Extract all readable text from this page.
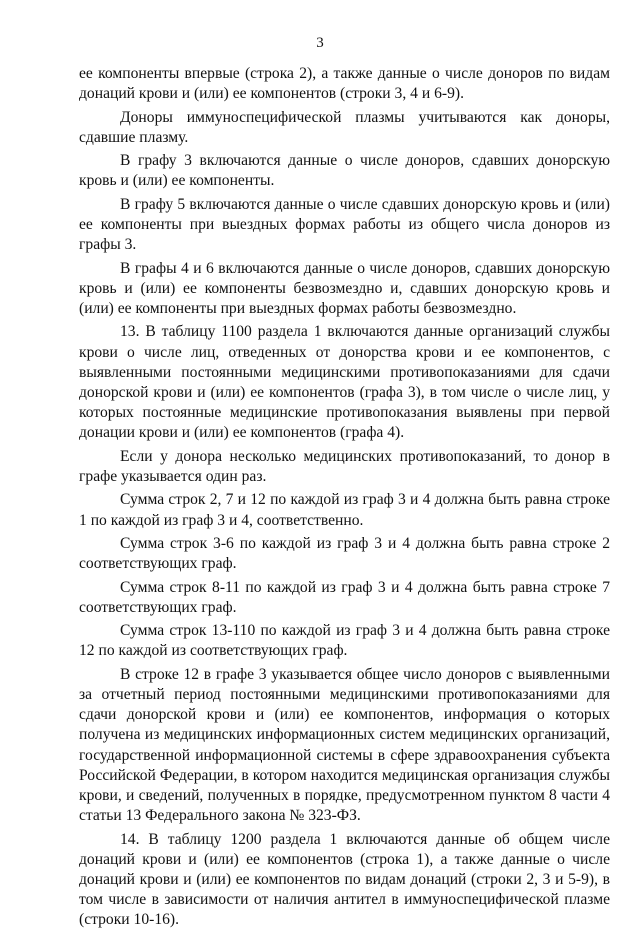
3

ее компоненты впервые (строка 2), а также данные о числе доноров по видам донаций крови и (или) ее компонентов (строки 3, 4 и 6-9).

Доноры иммуноспецифической плазмы учитываются как доноры, сдавшие плазму.

В графу 3 включаются данные о числе доноров, сдавших донорскую кровь и (или) ее компоненты.

В графу 5 включаются данные о числе сдавших донорскую кровь и (или) ее компоненты при выездных формах работы из общего числа доноров из графы 3.

В графы 4 и 6 включаются данные о числе доноров, сдавших донорскую кровь и (или) ее компоненты безвозмездно и, сдавших донорскую кровь и (или) ее компоненты при выездных формах работы безвозмездно.

13. В таблицу 1100 раздела 1 включаются данные организаций службы крови о числе лиц, отведенных от донорства крови и ее компонентов, с выявленными постоянными медицинскими противопоказаниями для сдачи донорской крови и (или) ее компонентов (графа 3), в том числе о числе лиц, у которых постоянные медицинские противопоказания выявлены при первой донации крови и (или) ее компонентов (графа 4).

Если у донора несколько медицинских противопоказаний, то донор в графе указывается один раз.

Сумма строк 2, 7 и 12 по каждой из граф 3 и 4 должна быть равна строке 1 по каждой из граф 3 и 4, соответственно.

Сумма строк 3-6 по каждой из граф 3 и 4 должна быть равна строке 2 соответствующих граф.

Сумма строк 8-11 по каждой из граф 3 и 4 должна быть равна строке 7 соответствующих граф.

Сумма строк 13-110 по каждой из граф 3 и 4 должна быть равна строке 12 по каждой из соответствующих граф.

В строке 12 в графе 3 указывается общее число доноров с выявленными за отчетный период постоянными медицинскими противопоказаниями для сдачи донорской крови и (или) ее компонентов, информация о которых получена из медицинских информационных систем медицинских организаций, государственной информационной системы в сфере здравоохранения субъекта Российской Федерации, в котором находится медицинская организация службы крови, и сведений, полученных в порядке, предусмотренном пунктом 8 части 4 статьи 13 Федерального закона № 323-ФЗ.

14. В таблицу 1200 раздела 1 включаются данные об общем числе донаций крови и (или) ее компонентов (строка 1), а также данные о числе донаций крови и (или) ее компонентов по видам донаций (строки 2, 3 и 5-9), в том числе в зависимости от наличия антител в иммуноспецифической плазме (строки 10-16).
